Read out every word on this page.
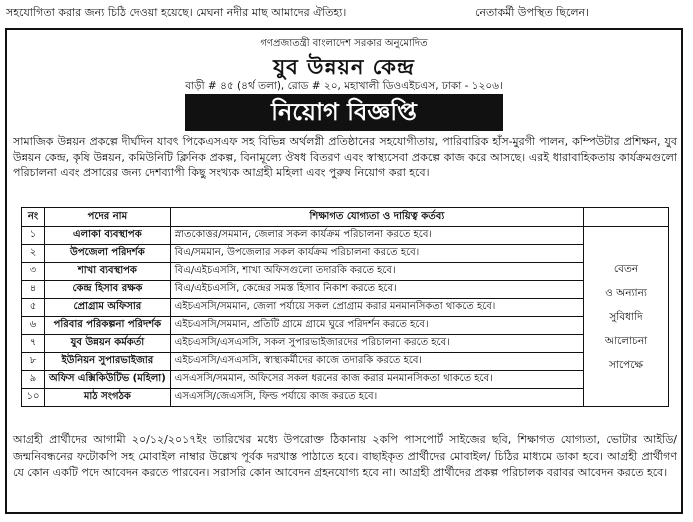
সহযোগিতা করার জন্য চিঠি দেওয়া হয়েছে। মেঘনা নদীর মাছ আমাদের ঐতিহ্য।	নেতাকর্মী উপস্থিত ছিলেন।
গণপ্রজাতন্ত্রী বাংলাদেশ সরকার অনুমোদিত
যুব উন্নয়ন কেন্দ্র
বাড়ী # ৪৫ (৪র্থ তলা), রোড # ২০, মহাখালী ডিওএইচএস, ঢাকা - ১২০৬।
নিয়োগ বিজ্ঞপ্তি
সামাজিক উন্নয়ন প্রকল্পে দীর্ঘদিন যাবৎ পিকেএসএফ সহ বিভিন্ন অর্থলগ্নী প্রতিষ্ঠানের সহযোগীতায়, পারিবারিক হাঁস-মুরগী পালন, কম্পিউটার প্রশিক্ষন, যুব উন্নয়ন কেন্দ্র, কৃষি উন্নয়ন, কমিউনিটি ক্লিনিক প্রকল্প, বিনামূল্যে ঔষধ বিতরণ এবং স্বাস্থ্যসেবা প্রকল্পে কাজ করে আসছে। এরই ধারাবাহিকতায় কার্যক্রমগুলো পরিচালনা এবং প্রসারের জন্য দেশব্যাপী কিছু সংখ্যক আগ্রহী মহিলা এবং পুরুষ নিয়োগ করা হবে।
নং	পদের নাম	শিক্ষাগত যোগ্যতা ও দায়িত্ব কর্তব্য	
১	এলাকা ব্যবস্থাপক	স্নাতকোত্তর/সমমান, জেলার সকল কার্যক্রম পরিচালনা করতে হবে।	বেতন
ও অন্যান্য
সুবিধাদি
আলোচনা
সাপেক্ষে

২	উপজেলা পরিদর্শক	বিএ/সমমান, উপজেলার সকল কার্যক্রম পরিচালনা করতে হবে।	
৩	শাখা ব্যবস্থাপক	বিএ/এইচএসসি, শাখা অফিসগুলো তদারকি করতে হবে।	
৪	কেন্দ্র হিসাব রক্ষক	বিএ/এইচএসসি, কেন্দ্রের সমস্ত হিসাব নিকাশ করতে হবে।	
৫	প্রোগ্রাম অফিসার	এইচএসসি/সমমান, জেলা পর্যায়ে সকল প্রোগ্রাম করার মনমানসিকতা থাকতে হবে।	
৬	পরিবার পরিকল্পনা পরিদর্শক	এইচএসসি/সমমান, প্রতিটি গ্রামে গ্রামে ঘুরে পরিদর্শন করতে হবে।	
৭	যুব উন্নয়ন কর্মকর্তা	এইচএসসি/এসএসসি, সকল সুপারভাইজারদের পরিচালনা করতে হবে।	
৮	ইউনিয়ন সুপারভাইজার	এইচএসসি/এসএসসি, স্বাস্থ্যকর্মীদের কাজে তদারকি করতে হবে।	
৯	অফিস এক্সিকিউটিভ (মহিলা)	এসএসসি/সমমান, অফিসের সকল ধরনের কাজ করার মনমানসিকতা থাকতে হবে।	
১০	মাঠ সংগঠক	এসএসসি/জেএসসি, ফিল্ড পর্যায়ে কাজ করতে হবে।	
আগ্রহী প্রার্থীদের আগামী ২০/১২/২০১৭ইং তারিখের মধ্যে উপরোক্ত ঠিকানায় ২কপি পাসপোর্ট সাইজের ছবি, শিক্ষাগত যোগ্যতা, ভোটার আইডি/ জন্মনিবন্ধনের ফটোকপি সহ মোবাইল নাম্বার উল্লেখ পূর্বক দরখাস্ত পাঠাতে হবে। বাছাইকৃত প্রার্থীদের মোবাইল/ চিঠির মাধ্যমে ডাকা হবে। আগ্রহী প্রার্থীগণ যে কোন একটি পদে আবেদন করতে পারবেন। সরাসরি কোন আবেদন গ্রহনযোগ্য হবে না। আগ্রহী প্রার্থীদের প্রকল্প পরিচালক বরাবর আবেদন করতে হবে।
